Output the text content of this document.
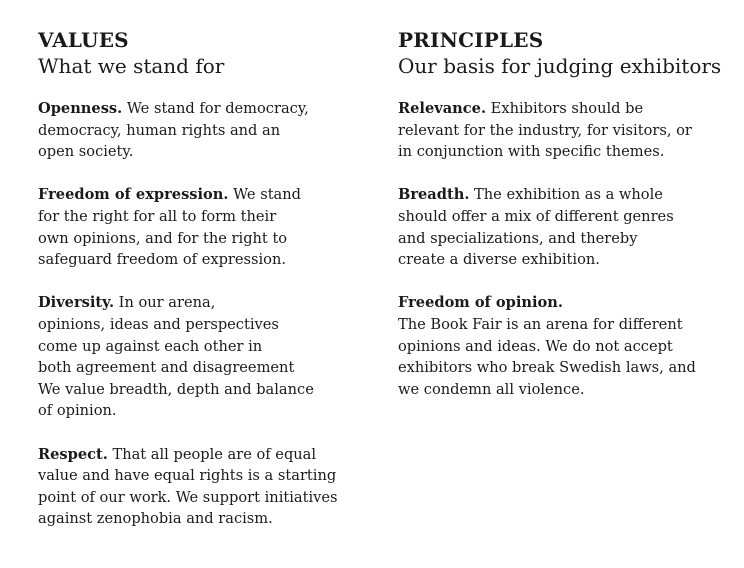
VALUES
What we stand for

Openness. We stand for democracy,
democracy, human rights and an
open society.

Freedom of expression. We stand
for the right for all to form their
own opinions, and for the right to
safeguard freedom of expression.

Diversity. In our arena,
opinions, ideas and perspectives
come up against each other in
both agreement and disagreement
We value breadth, depth and balance
of opinion.

Respect. That all people are of equal
value and have equal rights is a starting
point of our work. We support initiatives
against zenophobia and racism.

PRINCIPLES
Our basis for judging exhibitors

Relevance. Exhibitors should be
relevant for the industry, for visitors, or
in conjunction with specific themes.

Breadth. The exhibition as a whole
should offer a mix of different genres
and specializations, and thereby
create a diverse exhibition.

Freedom of opinion.
The Book Fair is an arena for different
opinions and ideas. We do not accept
exhibitors who break Swedish laws, and
we condemn all violence.
